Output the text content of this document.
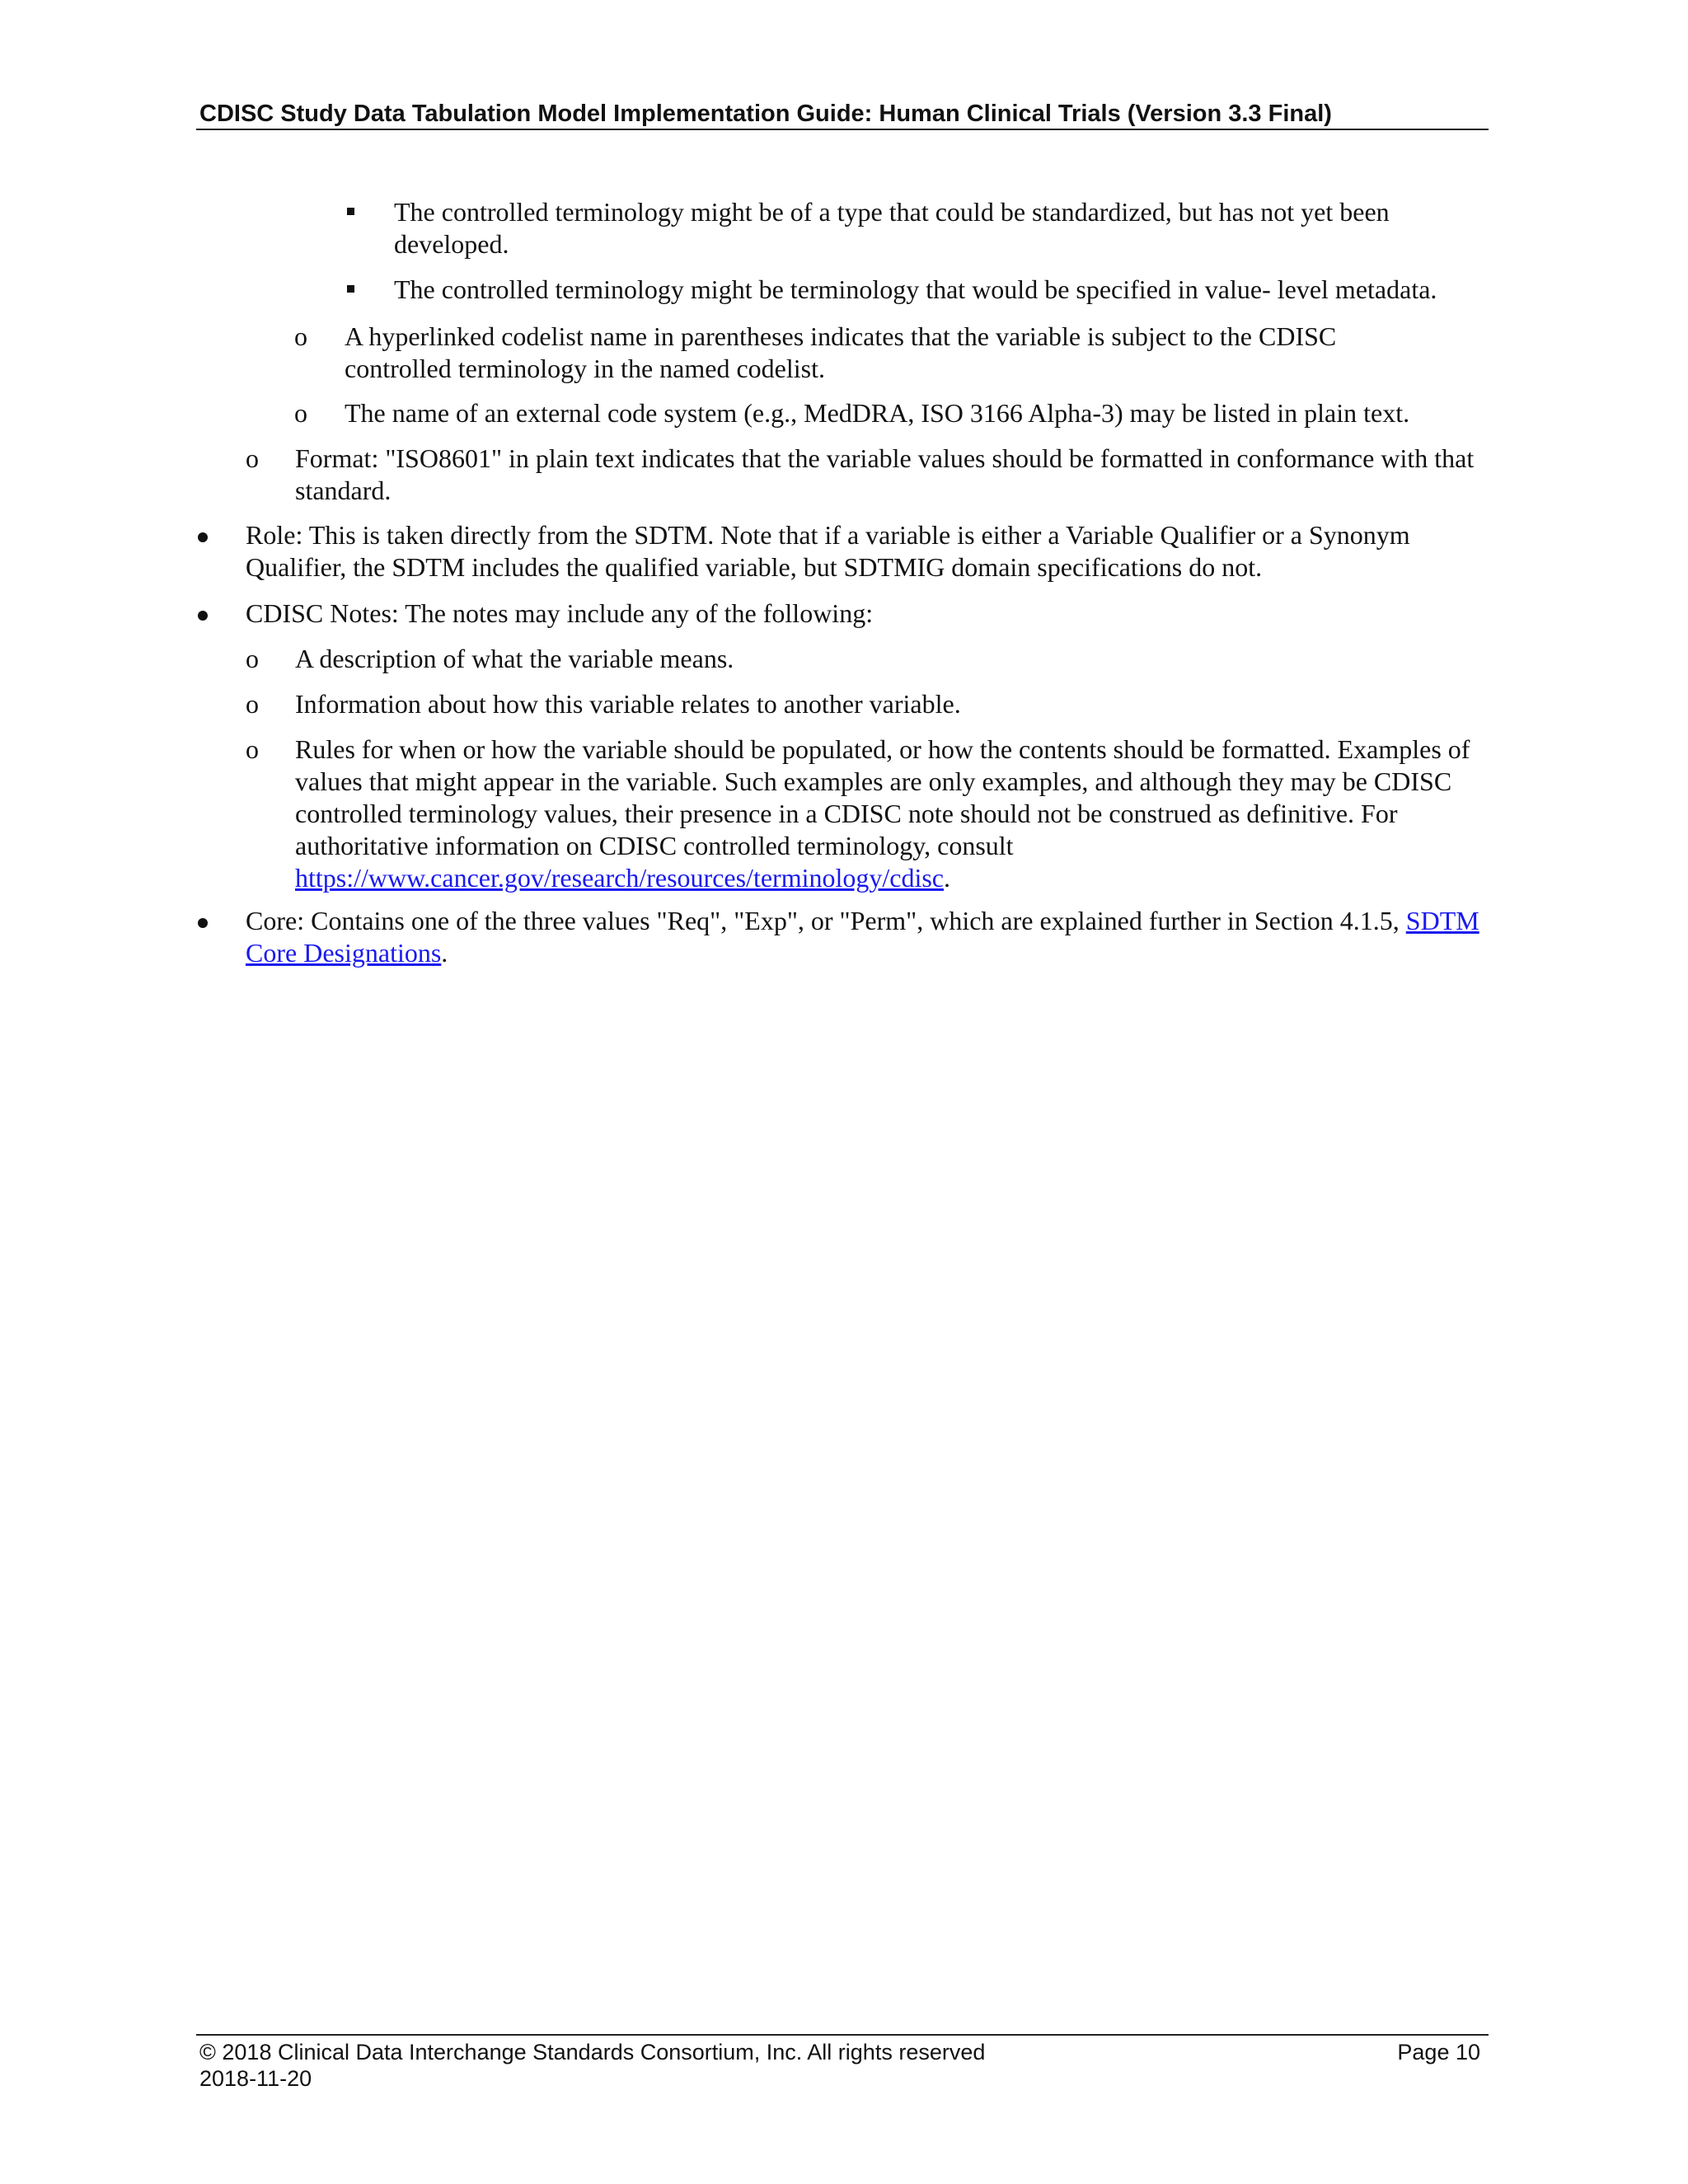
CDISC Study Data Tabulation Model Implementation Guide: Human Clinical Trials (Version 3.3 Final)
The controlled terminology might be of a type that could be standardized, but has not yet been developed.
The controlled terminology might be terminology that would be specified in value- level metadata.
o A hyperlinked codelist name in parentheses indicates that the variable is subject to the CDISC controlled terminology in the named codelist.
o The name of an external code system (e.g., MedDRA, ISO 3166 Alpha-3) may be listed in plain text.
o Format: "ISO8601" in plain text indicates that the variable values should be formatted in conformance with that standard.
Role: This is taken directly from the SDTM. Note that if a variable is either a Variable Qualifier or a Synonym Qualifier, the SDTM includes the qualified variable, but SDTMIG domain specifications do not.
CDISC Notes: The notes may include any of the following:
o A description of what the variable means.
o Information about how this variable relates to another variable.
o Rules for when or how the variable should be populated, or how the contents should be formatted. Examples of values that might appear in the variable. Such examples are only examples, and although they may be CDISC controlled terminology values, their presence in a CDISC note should not be construed as definitive. For authoritative information on CDISC controlled terminology, consult https://www.cancer.gov/research/resources/terminology/cdisc.
Core: Contains one of the three values "Req", "Exp", or "Perm", which are explained further in Section 4.1.5, SDTM Core Designations.
© 2018 Clinical Data Interchange Standards Consortium, Inc. All rights reserved	Page 10
2018-11-20
